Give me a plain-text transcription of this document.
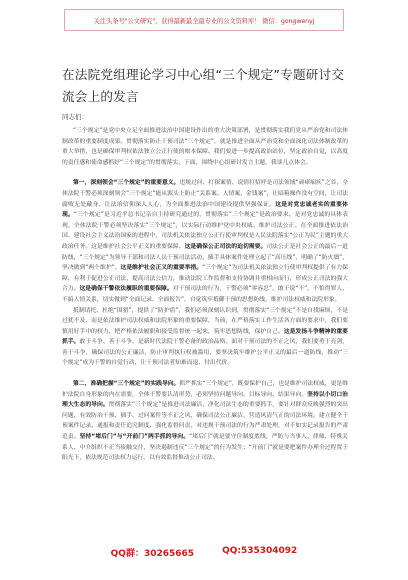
关注头条号"公文研究"，获得最新最全最专业的公文资料库！ 微信：gongwenyj
在法院党组理论学习中心组“三个规定”专题研讨交流会上的发言
同志们：

“三个规定”是党中央立足全面推进法治中国建设作出的重大决策部署，是贯彻落实我们党从严治党和司法体制改革的重要制度成果。贯彻落实防止干预司法“三个规定”，就是推进全面从严治党和全面深化司法体制改革的重大举措，也是确保审判权依法独立公正行使的根本保障。我们要进一步提高政治站位，坚定政治自觉，以高度的责任感和使命感抓好“三个规定”的贯彻落实。下面，围绕中心组研讨发言主题，我谈几点体会。

第一，深刻领会“三个规定”的重要意义。违规过问、打探案情、说情打招呼是司法领域“顽瘴痼疾”之首，全体法院干警必须深刻领会“三个规定”能从源头上防止“关系案、人情案、金钱案”，让暗箱操作没有空间，让司法腐败无处藏身、让法治信仰深入人心，为全面推进法治中国建设提供坚强保证。这是对党忠诚老实的重要体现。“三个规定”是习近平总书记亲自主持研究通过的，贯彻落实“三个规定”是政治要求、是对党忠诚的具体表现，全体法院干警必须坚决落实“三个规定”，以实际行动维护党中央权威、维护司法公正。在全面推进依法治国、建设社会主义法治国家的进程中，司法机关依法独立公正行使审判权是人民法院落实“公正为民”主题的重大政治任务。这是维护社会公平正义的重要保障。这是确保公正司法的迫切需要。司法公正是社会公正的最后一道防线，“三个规定”为领导干部和司法人员干预司法活动、插手具体案件处理立起了“高压线”，明确了“防火墙”，坚决做到“两个维护”。这是维护社会正义的重要举措。“三个规定”为司法机关依法独立行使审判权提供了有力保障，有利于促进公正司法，提高司法公信力，推动法院工作监督和支持协调并重相向而行，形成公正司法的强大合力。这是确保干警依法履职的重要保障。对干预司法的行为，干警必须“零容忍”，敢于说“不”，不怕得罪人、不搞人情关系，切实做到“全面记录、全面报告”，自觉筑牢抵御干预的思想防线，维护司法权威和法院形象。

抵制请托、杜绝“围猎”，提供了“防护盾”，我们必须深刻认识到，贯彻落实“三个规定”不是自找麻烦，不是过犹不及，而是依法维护司法权威和法院形象的重要保障，当前，在严格落实工作生活各方面的要求中，我们要慎用好手中的权力，把严格依法履职和接受监督统一起来，筑牢思想防线，保护自己。这是发扬斗争精神的重要抓手。敢于斗争、善于斗争，是新时代法院干警必备的政治品格。面对干预司法的不正之风，我们要勇于亮剑，善于斗争，确保司法的公正廉洁，防止审判执行权被滥用，要坚决筑牢维护公平正义的最后一道防线，推动“三个规定”成为干警的自觉行动，让干预司法者知难而退、付出代价。

第二，准确把握“三个规定”的实践导向。抓严抓实“三个规定”，既要保护自己，也是维护司法权威，更是维护法院自身形象的内在需要，全体干警要认清形势，必须坚持问题导向、目标导向、结果导向。坚持以小切口治理大生态的导向。贯彻落实“三个规定”是推进司法廉洁、净化司法生态的重要抓手，要针对群众反映强烈的突出问题，有效防治干预、插手、过问案件等不正之风，确保司法公正廉洁，营造风清气正的司法环境。建立健全干预案件记录、通报和责任追究制度，强化监督问责，对违规干预司法的行为严肃处理，对不如实记录报告的严肃追责。坚持“堵后门”与“开前门”两手抓的导向。“堵后门”就是要守住制度底线，严防与当事人、律师、特殊关系人、中介组织不正当接触交往，坚决遏制违反“三个规定”的行为发生；“开前门”就是要把案件办理全过程置于阳光下，依法规范司法权力运行，以有效监督推动公正司法。

QQ群：30265665	QQ:535304092
